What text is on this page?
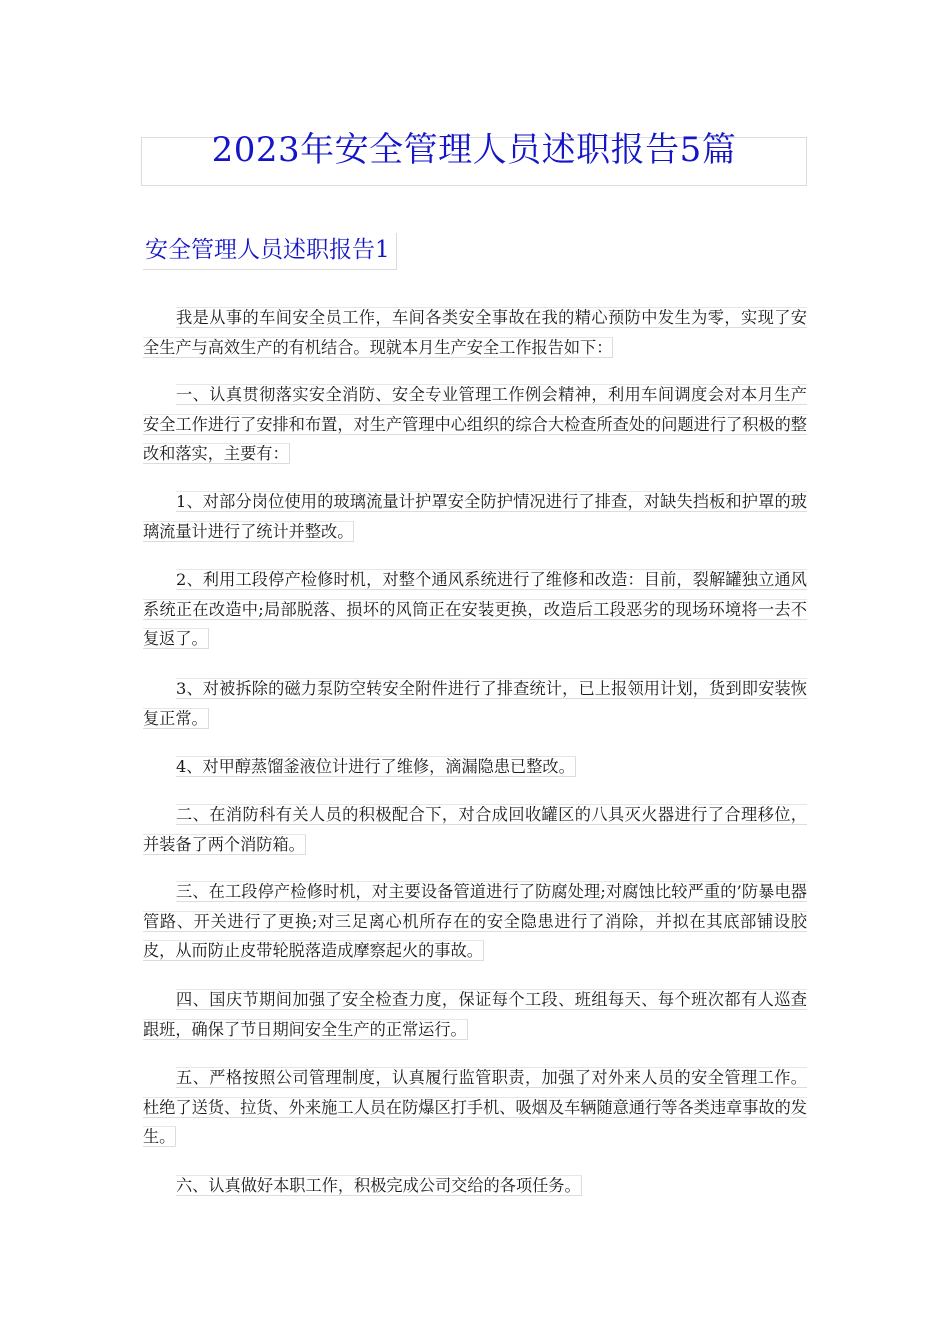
2023年安全管理人员述职报告5篇
安全管理人员述职报告1

我是从事的车间安全员工作，车间各类安全事故在我的精心预防中发生为零，实现了安全生产与高效生产的有机结合。现就本月生产安全工作报告如下：

一、认真贯彻落实安全消防、安全专业管理工作例会精神，利用车间调度会对本月生产安全工作进行了安排和布置，对生产管理中心组织的综合大检查所查处的问题进行了积极的整改和落实，主要有：

1、对部分岗位使用的玻璃流量计护罩安全防护情况进行了排查，对缺失挡板和护罩的玻璃流量计进行了统计并整改。

2、利用工段停产检修时机，对整个通风系统进行了维修和改造：目前，裂解罐独立通风系统正在改造中;局部脱落、损坏的风筒正在安装更换，改造后工段恶劣的现场环境将一去不复返了。

3、对被拆除的磁力泵防空转安全附件进行了排查统计，已上报领用计划，货到即安装恢复正常。

4、对甲醇蒸馏釜液位计进行了维修，滴漏隐患已整改。

二、在消防科有关人员的积极配合下，对合成回收罐区的八具灭火器进行了合理移位，并装备了两个消防箱。

三、在工段停产检修时机，对主要设备管道进行了防腐处理;对腐蚀比较严重的’防暴电器管路、开关进行了更换;对三足离心机所存在的安全隐患进行了消除，并拟在其底部铺设胶皮，从而防止皮带轮脱落造成摩察起火的事故。

四、国庆节期间加强了安全检查力度，保证每个工段、班组每天、每个班次都有人巡查跟班，确保了节日期间安全生产的正常运行。

五、严格按照公司管理制度，认真履行监管职责，加强了对外来人员的安全管理工作。杜绝了送货、拉货、外来施工人员在防爆区打手机、吸烟及车辆随意通行等各类违章事故的发生。

六、认真做好本职工作，积极完成公司交给的各项任务。
